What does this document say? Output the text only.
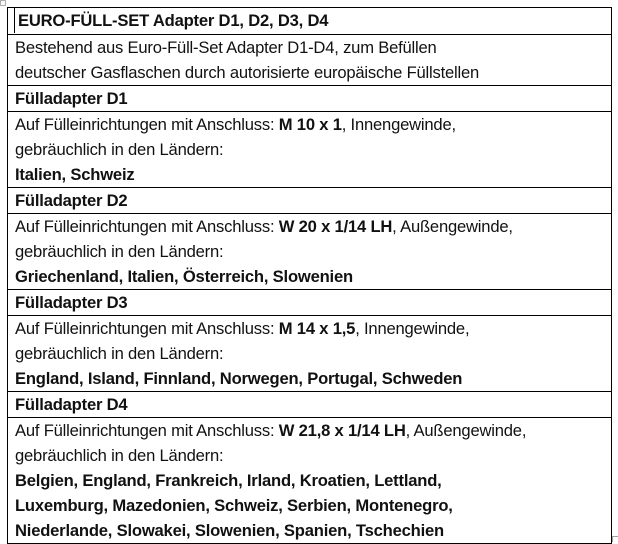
EURO-FÜLL-SET Adapter D1, D2, D3, D4

Bestehend aus Euro-Füll-Set Adapter D1-D4, zum Befüllen
deutscher Gasflaschen durch autorisierte europäische Füllstellen

Fülladapter D1

Auf Fülleinrichtungen mit Anschluss: M 10 x 1, Innengewinde,
gebräuchlich in den Ländern:
Italien, Schweiz

Fülladapter D2

Auf Fülleinrichtungen mit Anschluss: W 20 x 1/14 LH, Außengewinde,
gebräuchlich in den Ländern:
Griechenland, Italien, Österreich, Slowenien

Fülladapter D3

Auf Fülleinrichtungen mit Anschluss: M 14 x 1,5, Innengewinde,
gebräuchlich in den Ländern:
England, Island, Finnland, Norwegen, Portugal, Schweden

Fülladapter D4

Auf Fülleinrichtungen mit Anschluss: W 21,8 x 1/14 LH, Außengewinde,
gebräuchlich in den Ländern:
Belgien, England, Frankreich, Irland, Kroatien, Lettland,
Luxemburg, Mazedonien, Schweiz, Serbien, Montenegro,
Niederlande, Slowakei, Slowenien, Spanien, Tschechien
